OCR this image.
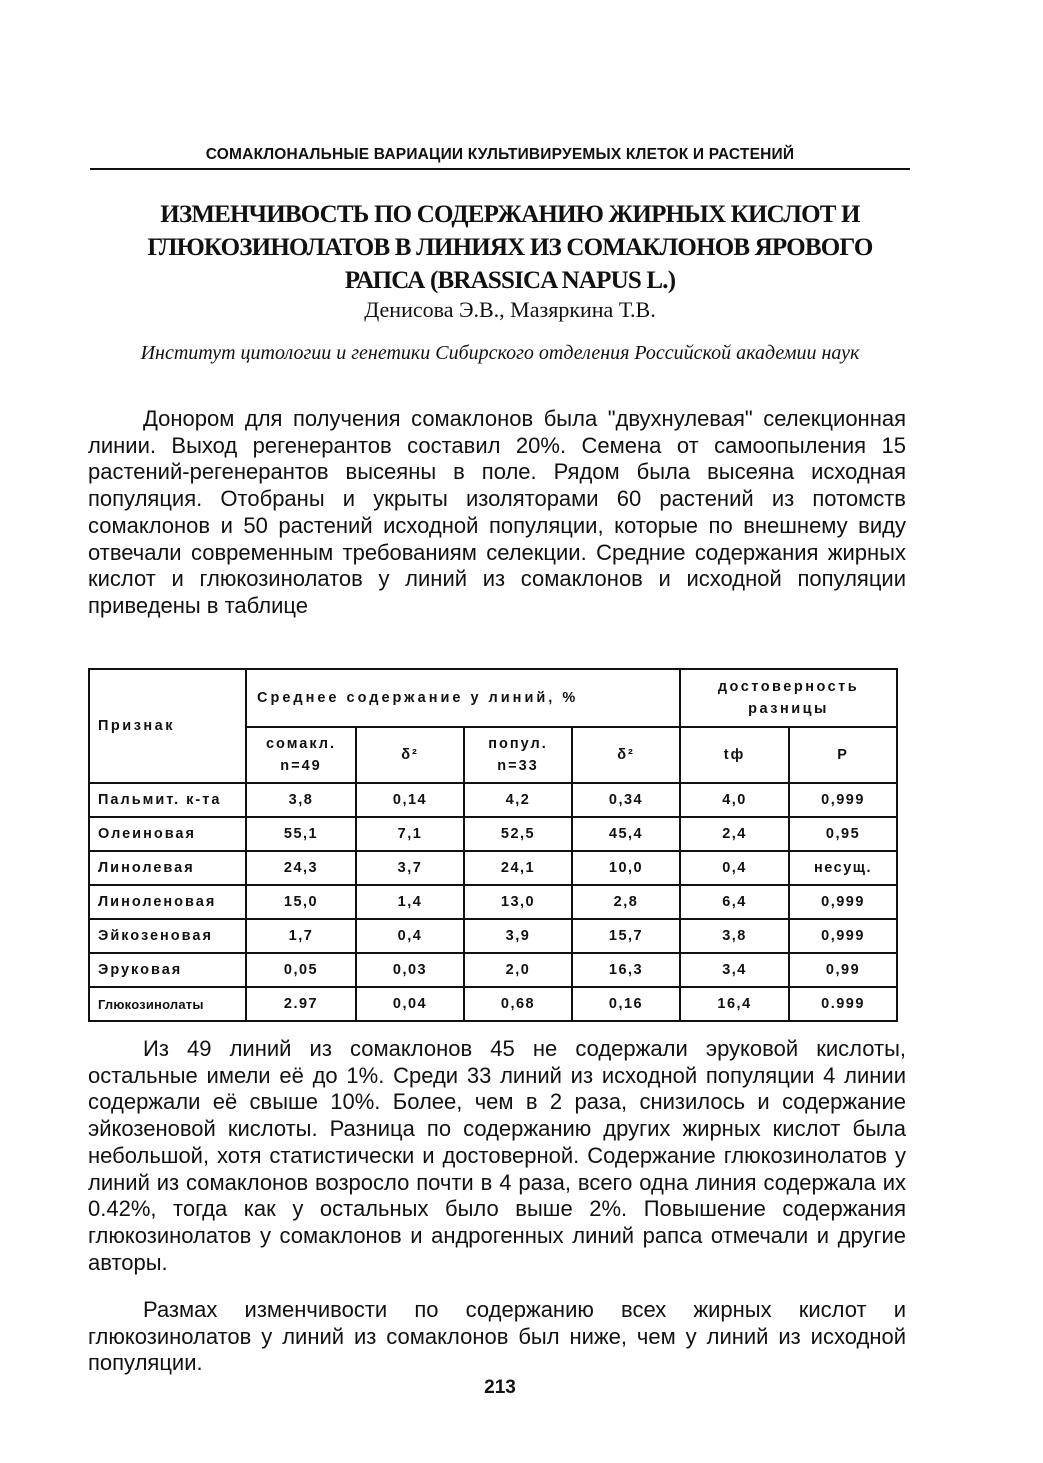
СОМАКЛОНАЛЬНЫЕ ВАРИАЦИИ КУЛЬТИВИРУЕМЫХ КЛЕТОК И РАСТЕНИЙ
ИЗМЕНЧИВОСТЬ ПО СОДЕРЖАНИЮ ЖИРНЫХ КИСЛОТ И
ГЛЮКОЗИНОЛАТОВ В ЛИНИЯХ ИЗ СОМАКЛОНОВ ЯРОВОГО
РАПСА (BRASSICA NAPUS L.)
Денисова Э.В., Мазяркина Т.В.
Институт цитологии и генетики Сибирского отделения Российской академии наук

Донором для получения сомаклонов была "двухнулевая" селекционная линии. Выход регенерантов составил 20%. Семена от самоопыления 15 растений-регенерантов высеяны в поле. Рядом была высеяна исходная популяция. Отобраны и укрыты изоляторами 60 растений из потомств сомаклонов и 50 растений исходной популяции, которые по внешнему виду отвечали современным требованиям селекции. Средние содержания жирных кислот и глюкозинолатов у линий из сомаклонов и исходной популяции приведены в таблице

Признак	Среднее содержание у линий, %				достоверность разницы	
	сомакл. n=49	δ²	попул. n=33	δ²	tф	P
Пальмит. к-та	3,8	0,14	4,2	0,34	4,0	0,999
Олеиновая	55,1	7,1	52,5	45,4	2,4	0,95
Линолевая	24,3	3,7	24,1	10,0	0,4	несущ.
Линоленовая	15,0	1,4	13,0	2,8	6,4	0,999
Эйкозеновая	1,7	0,4	3,9	15,7	3,8	0,999
Эруковая	0,05	0,03	2,0	16,3	3,4	0,99
Глюкозинолаты	2.97	0,04	0,68	0,16	16,4	0.999

Из 49 линий из сомаклонов 45 не содержали эруковой кислоты, остальные имели её до 1%. Среди 33 линий из исходной популяции 4 линии содержали её свыше 10%. Более, чем в 2 раза, снизилось и содержание эйкозеновой кислоты. Разница по содержанию других жирных кислот была небольшой, хотя статистически и достоверной. Содержание глюкозинолатов у линий из сомаклонов возросло почти в 4 раза, всего одна линия содержала их 0.42%, тогда как у остальных было выше 2%. Повышение содержания глюкозинолатов у сомаклонов и андрогенных линий рапса отмечали и другие авторы.

Размах изменчивости по содержанию всех жирных кислот и глюкозинолатов у линий из сомаклонов был ниже, чем у линий из исходной популяции.

213
